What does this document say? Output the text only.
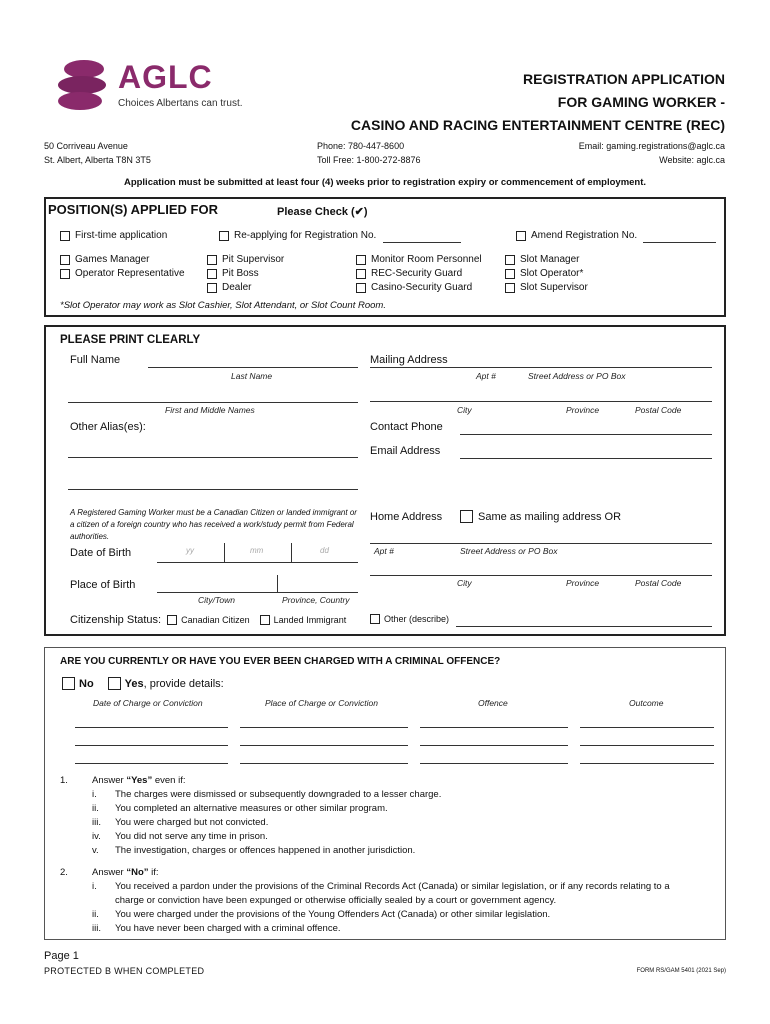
AGLC
Choices Albertans can trust.
REGISTRATION APPLICATION
FOR GAMING WORKER -
CASINO AND RACING ENTERTAINMENT CENTRE (REC)
50 Corriveau Avenue
St. Albert, Alberta T8N 3T5
Phone: 780-447-8600
Toll Free: 1-800-272-8876
Email: gaming.registrations@aglc.ca
Website: aglc.ca
Application must be submitted at least four (4) weeks prior to registration expiry or commencement of employment.
POSITION(S) APPLIED FOR	Please Check (✔)
First-time application	Re-applying for Registration No.	Amend Registration No.
Games Manager
Operator Representative
Pit Supervisor
Pit Boss
Dealer
Monitor Room Personnel
REC-Security Guard
Casino-Security Guard
Slot Manager
Slot Operator*
Slot Supervisor
*Slot Operator may work as Slot Cashier, Slot Attendant, or Slot Count Room.
PLEASE PRINT CLEARLY
Full Name
Last Name
First and Middle Names
Other Alias(es):
A Registered Gaming Worker must be a Canadian Citizen or landed immigrant or a citizen of a foreign country who has received a work/study permit from Federal authorities.
Date of Birth	yy	mm	dd
Place of Birth
City/Town	Province, Country
Citizenship Status: Canadian Citizen	Landed Immigrant
Mailing Address
Apt #	Street Address or PO Box
City	Province	Postal Code
Contact Phone
Email Address
Home Address	Same as mailing address OR
Apt #	Street Address or PO Box
City	Province	Postal Code
Other (describe)
ARE YOU CURRENTLY OR HAVE YOU EVER BEEN CHARGED WITH A CRIMINAL OFFENCE?
No	Yes, provide details:
Date of Charge or Conviction	Place of Charge or Conviction	Offence	Outcome
1.	Answer “Yes” even if:
i.	The charges were dismissed or subsequently downgraded to a lesser charge.
ii.	You completed an alternative measures or other similar program.
iii.	You were charged but not convicted.
iv.	You did not serve any time in prison.
v.	The investigation, charges or offences happened in another jurisdiction.
2.	Answer “No” if:
i.	You received a pardon under the provisions of the Criminal Records Act (Canada) or similar legislation, or if any records relating to a
charge or conviction have been expunged or otherwise officially sealed by a court or government agency.
ii.	You were charged under the provisions of the Young Offenders Act (Canada) or other similar legislation.
iii.	You have never been charged with a criminal offence.
Page 1
PROTECTED B WHEN COMPLETED	FORM RS/GAM 5401 (2021 Sep)
